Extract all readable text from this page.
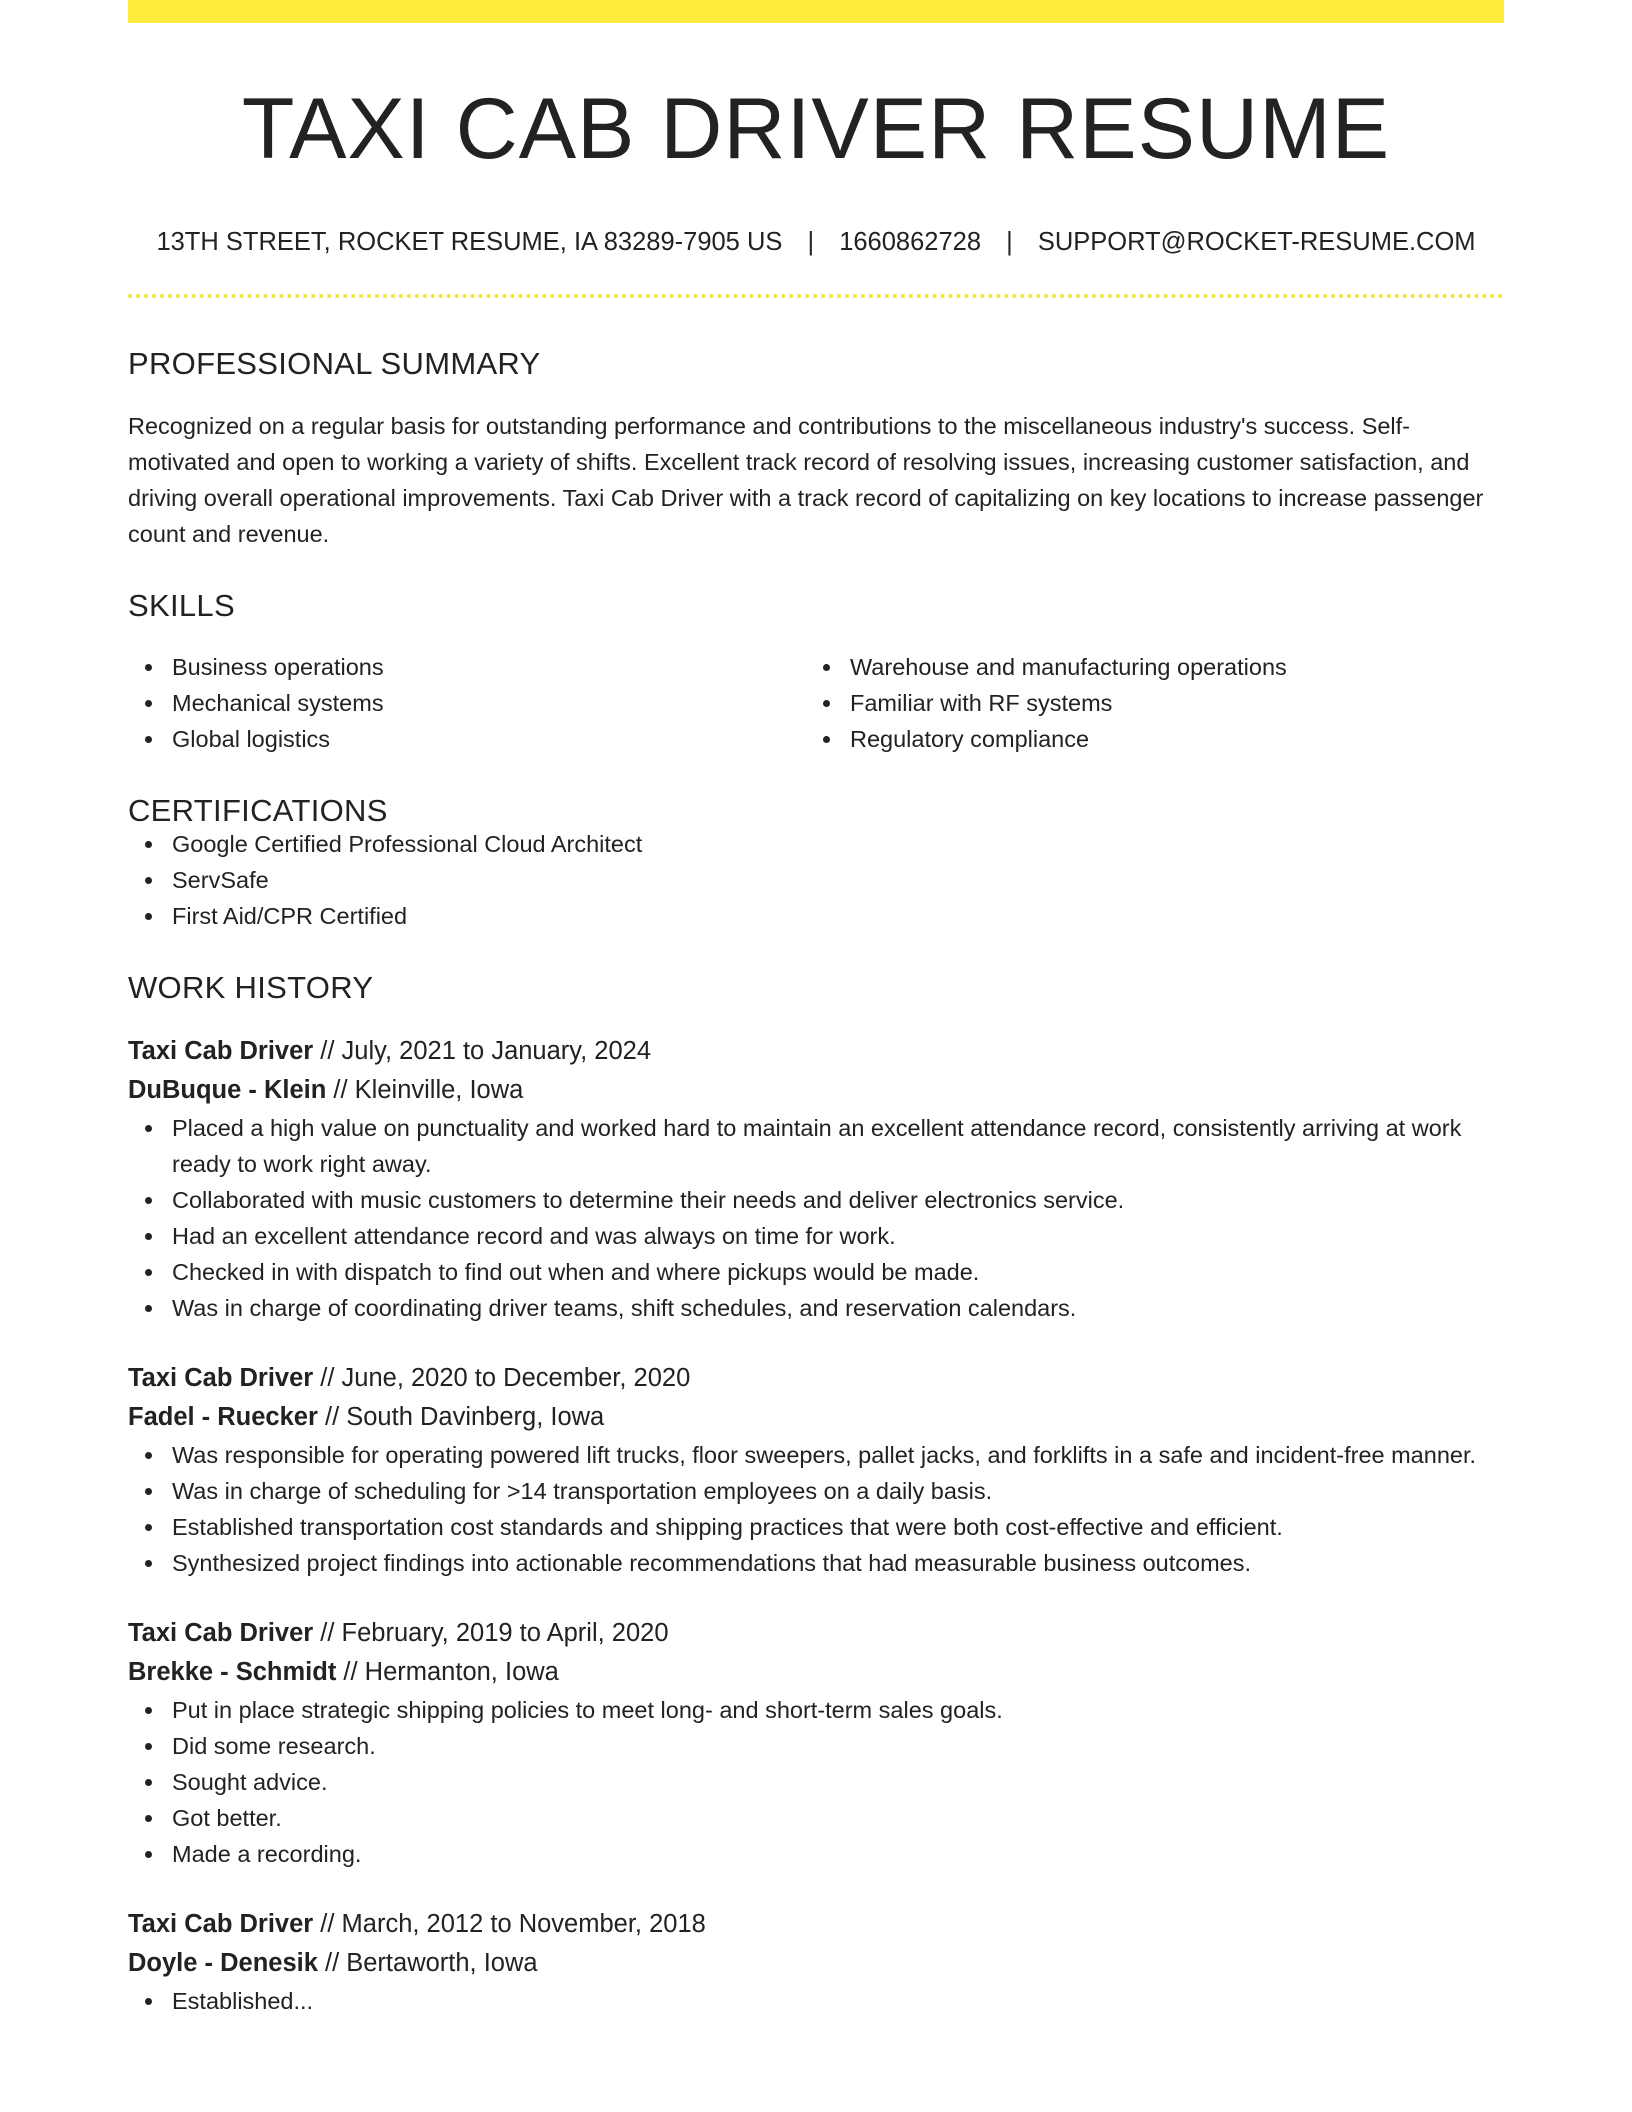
TAXI CAB DRIVER RESUME
13TH STREET, ROCKET RESUME, IA 83289-7905 US | 1660862728 | SUPPORT@ROCKET-RESUME.COM
PROFESSIONAL SUMMARY

Recognized on a regular basis for outstanding performance and contributions to the miscellaneous industry's success. Self-motivated and open to working a variety of shifts. Excellent track record of resolving issues, increasing customer satisfaction, and driving overall operational improvements. Taxi Cab Driver with a track record of capitalizing on key locations to increase passenger count and revenue.

SKILLS
Business operations
Mechanical systems
Global logistics
Warehouse and manufacturing operations
Familiar with RF systems
Regulatory compliance
CERTIFICATIONS
Google Certified Professional Cloud Architect
ServSafe
First Aid/CPR Certified
WORK HISTORY
Taxi Cab Driver // July, 2021 to January, 2024
DuBuque - Klein // Kleinville, Iowa
Placed a high value on punctuality and worked hard to maintain an excellent attendance record, consistently arriving at work ready to work right away.
Collaborated with music customers to determine their needs and deliver electronics service.
Had an excellent attendance record and was always on time for work.
Checked in with dispatch to find out when and where pickups would be made.
Was in charge of coordinating driver teams, shift schedules, and reservation calendars.
Taxi Cab Driver // June, 2020 to December, 2020
Fadel - Ruecker // South Davinberg, Iowa
Was responsible for operating powered lift trucks, floor sweepers, pallet jacks, and forklifts in a safe and incident-free manner.
Was in charge of scheduling for >14 transportation employees on a daily basis.
Established transportation cost standards and shipping practices that were both cost-effective and efficient.
Synthesized project findings into actionable recommendations that had measurable business outcomes.
Taxi Cab Driver // February, 2019 to April, 2020
Brekke - Schmidt // Hermanton, Iowa
Put in place strategic shipping policies to meet long- and short-term sales goals.
Did some research.
Sought advice.
Got better.
Made a recording.
Taxi Cab Driver // March, 2012 to November, 2018
Doyle - Denesik // Bertaworth, Iowa
Established...
